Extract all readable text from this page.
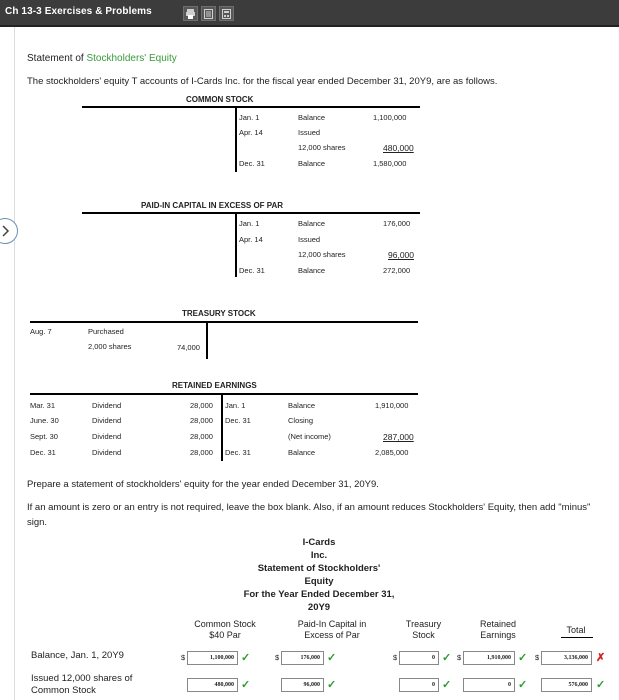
Ch 13-3 Exercises & Problems
Statement of Stockholders' Equity
The stockholders' equity T accounts of I-Cards Inc. for the fiscal year ended December 31, 20Y9, are as follows.
COMMON STOCK
Jan. 1	Balance	1,100,000
Apr. 14	Issued
12,000 shares	480,000
Dec. 31	Balance	1,580,000
PAID-IN CAPITAL IN EXCESS OF PAR
Jan. 1	Balance	176,000
Apr. 14	Issued
12,000 shares	96,000
Dec. 31	Balance	272,000
TREASURY STOCK
Aug. 7	Purchased
2,000 shares	74,000
RETAINED EARNINGS
Mar. 31	Dividend	28,000
June. 30	Dividend	28,000
Sept. 30	Dividend	28,000
Dec. 31	Dividend	28,000
Jan. 1	Balance	1,910,000
Dec. 31	Closing
(Net income)	287,000
Dec. 31	Balance	2,085,000
Prepare a statement of stockholders' equity for the year ended December 31, 20Y9.
If an amount is zero or an entry is not required, leave the box blank. Also, if an amount reduces Stockholders' Equity, then add "minus" sign.
I-Cards
Inc.
Statement of Stockholders'
Equity
For the Year Ended December 31,
20Y9
Common Stock
$40 Par
Paid-In Capital in
Excess of Par
Treasury
Stock
Retained
Earnings	Total
Balance, Jan. 1, 20Y9	$	1,100,000 ✓	$	176,000 ✓	$	0 ✓ $	1,910,000 ✓ $	3,136,000 ✗
Issued 12,000 shares of Common Stock	480,000 ✓	96,000 ✓	0 ✓	0 ✓	576,000 ✓
